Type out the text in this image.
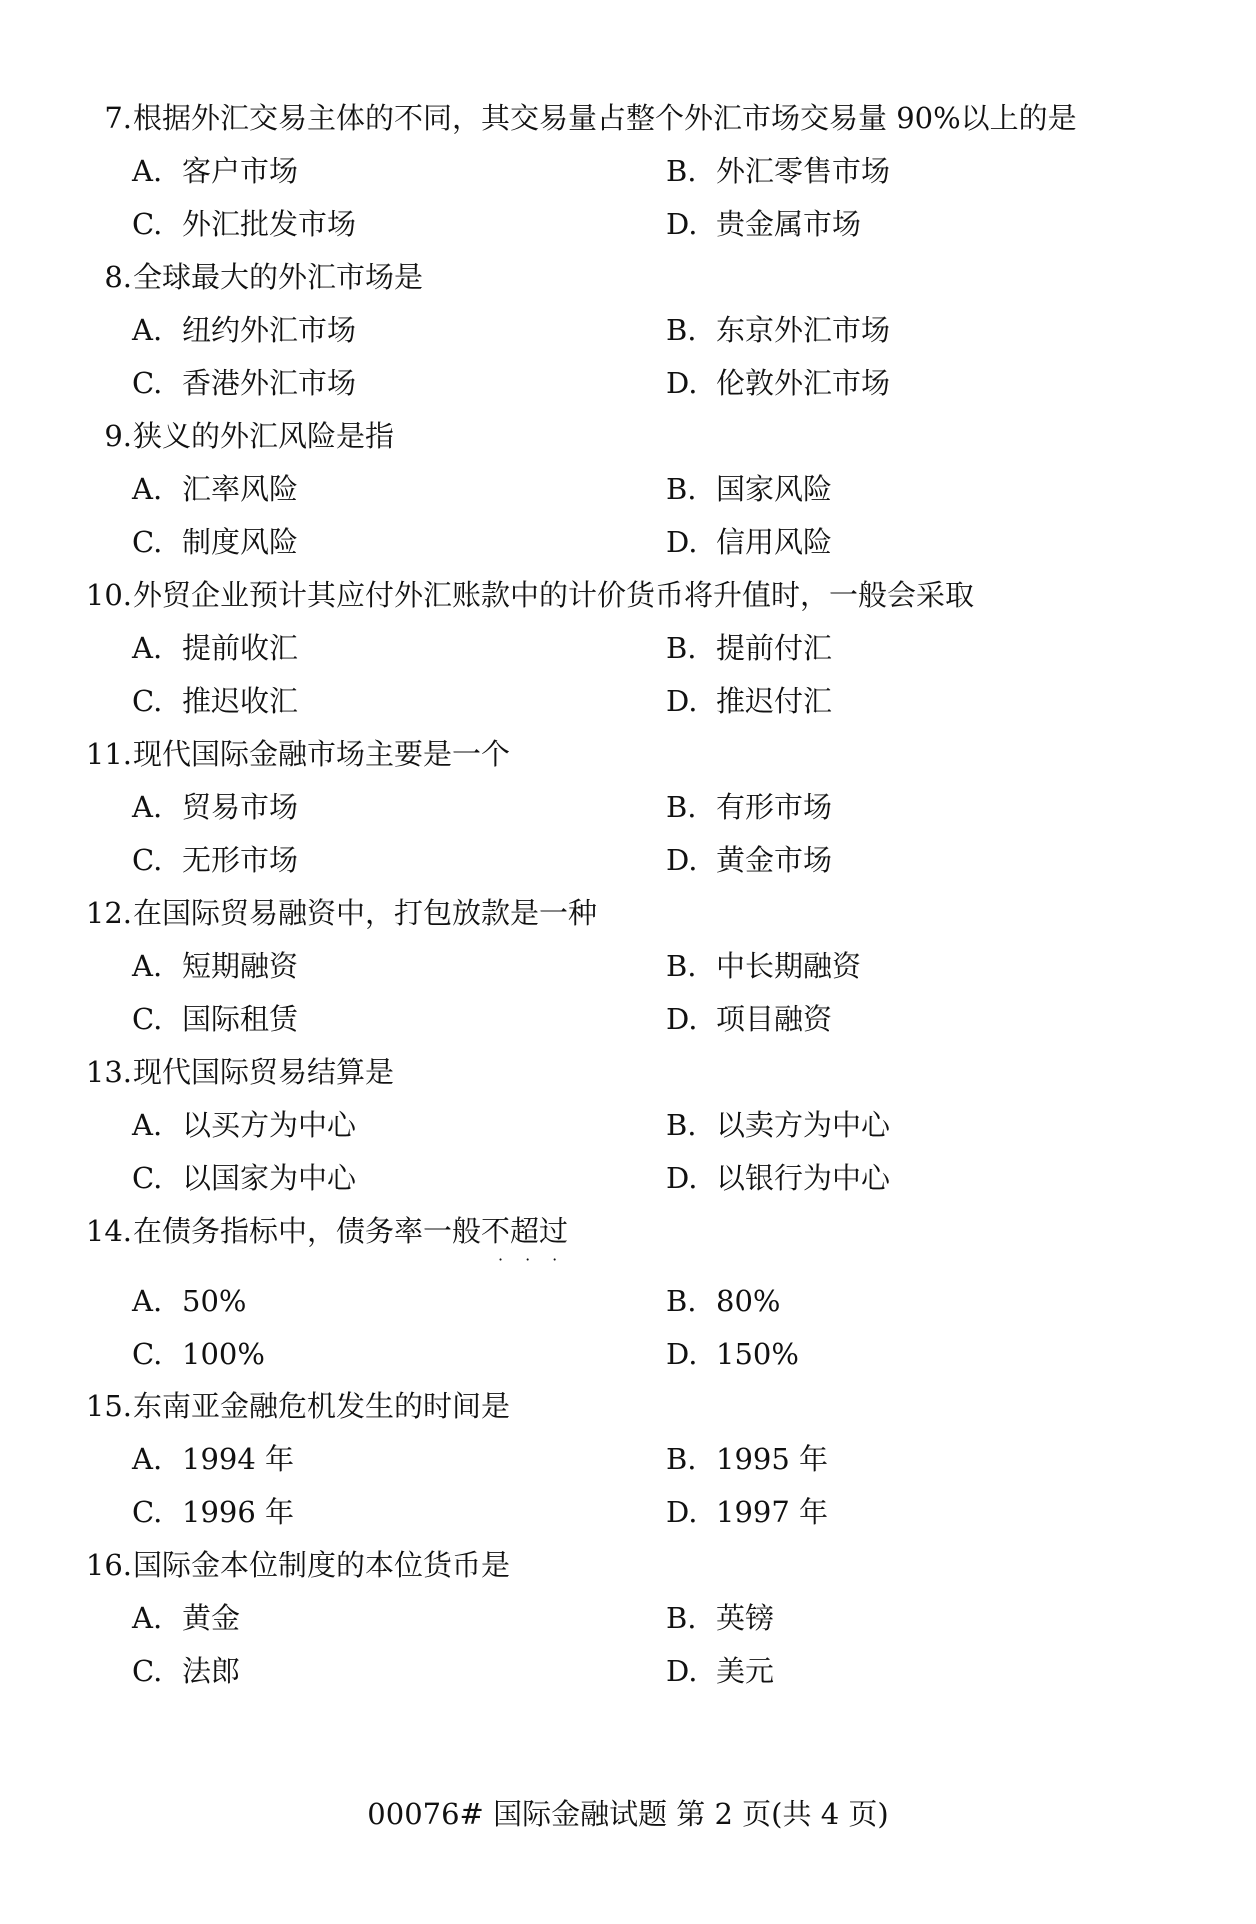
7. 根据外汇交易主体的不同，其交易量占整个外汇市场交易量 90%以上的是
A. 客户市场	B. 外汇零售市场
C. 外汇批发市场	D. 贵金属市场
8. 全球最大的外汇市场是
A. 纽约外汇市场	B. 东京外汇市场
C. 香港外汇市场	D. 伦敦外汇市场
9. 狭义的外汇风险是指
A. 汇率风险	B. 国家风险
C. 制度风险	D. 信用风险
10. 外贸企业预计其应付外汇账款中的计价货币将升值时，一般会采取
A. 提前收汇	B. 提前付汇
C. 推迟收汇	D. 推迟付汇
11. 现代国际金融市场主要是一个
A. 贸易市场	B. 有形市场
C. 无形市场	D. 黄金市场
12. 在国际贸易融资中，打包放款是一种
A. 短期融资	B. 中长期融资
C. 国际租赁	D. 项目融资
13. 现代国际贸易结算是
A. 以买方为中心	B. 以卖方为中心
C. 以国家为中心	D. 以银行为中心
14. 在债务指标中，债务率一般不超过
···
A. 50%	B. 80%
C. 100%	D. 150%
15. 东南亚金融危机发生的时间是
A. 1994 年	B. 1995 年
C. 1996 年	D. 1997 年
16. 国际金本位制度的本位货币是
A. 黄金	B. 英镑
C. 法郎	D. 美元
00076# 国际金融试题 第 2 页(共 4 页)
